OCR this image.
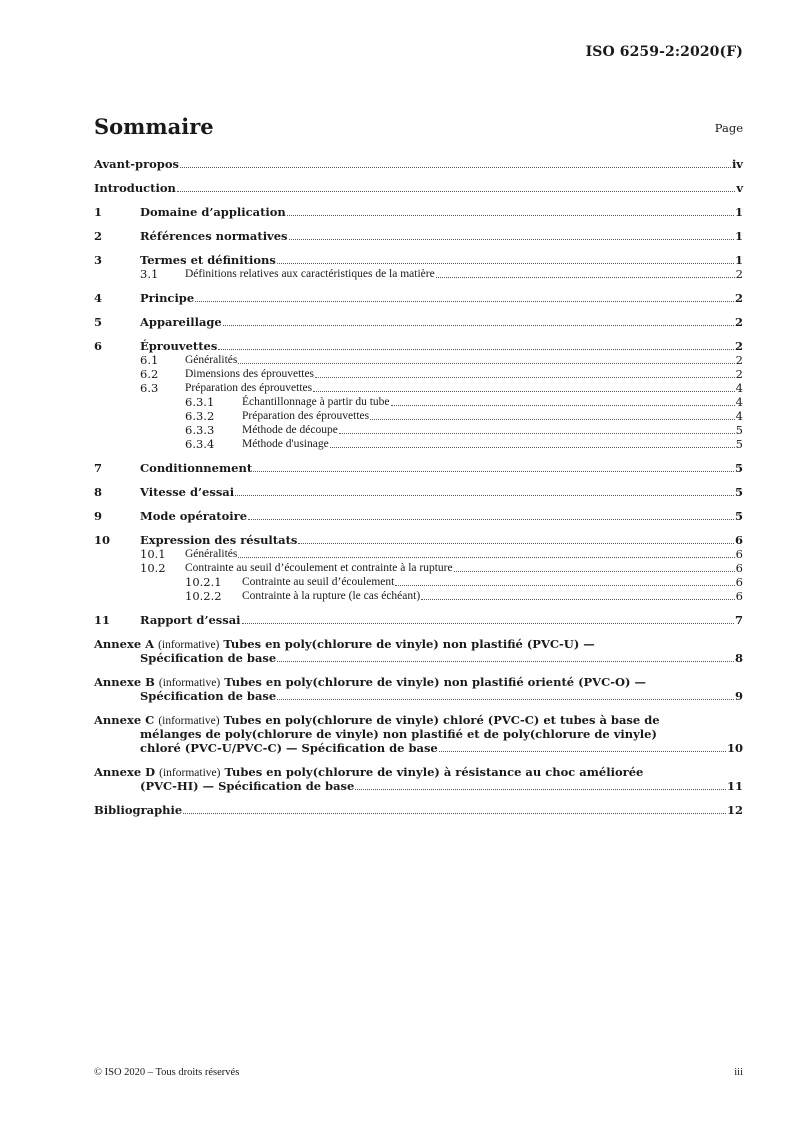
ISO 6259-2:2020(F)
Sommaire	Page
Avant-propos	iv
Introduction	v
1	Domaine d’application	1
2	Références normatives	1
3	Termes et définitions	1
3.1	Définitions relatives aux caractéristiques de la matière	2
4	Principe	2
5	Appareillage	2
6	Éprouvettes	2
6.1	Généralités	2
6.2	Dimensions des éprouvettes	2
6.3	Préparation des éprouvettes	4
6.3.1	Échantillonnage à partir du tube	4
6.3.2	Préparation des éprouvettes	4
6.3.3	Méthode de découpe	5
6.3.4	Méthode d'usinage	5
7	Conditionnement	5
8	Vitesse d’essai	5
9	Mode opératoire	5
10	Expression des résultats	6
10.1	Généralités	6
10.2	Contrainte au seuil d’écoulement et contrainte à la rupture	6
10.2.1	Contrainte au seuil d’écoulement	6
10.2.2	Contrainte à la rupture (le cas échéant)	6
11	Rapport d’essai	7
Annexe A (informative) Tubes en poly(chlorure de vinyle) non plastifié (PVC-U) —
Spécification de base	8
Annexe B (informative) Tubes en poly(chlorure de vinyle) non plastifié orienté (PVC-O) —
Spécification de base	9
Annexe C (informative) Tubes en poly(chlorure de vinyle) chloré (PVC-C) et tubes à base de
mélanges de poly(chlorure de vinyle) non plastifié et de poly(chlorure de vinyle)
chloré (PVC-U/PVC-C) — Spécification de base	10
Annexe D (informative) Tubes en poly(chlorure de vinyle) à résistance au choc améliorée
(PVC-HI) — Spécification de base	11
Bibliographie	12
© ISO 2020 – Tous droits réservés	iii
